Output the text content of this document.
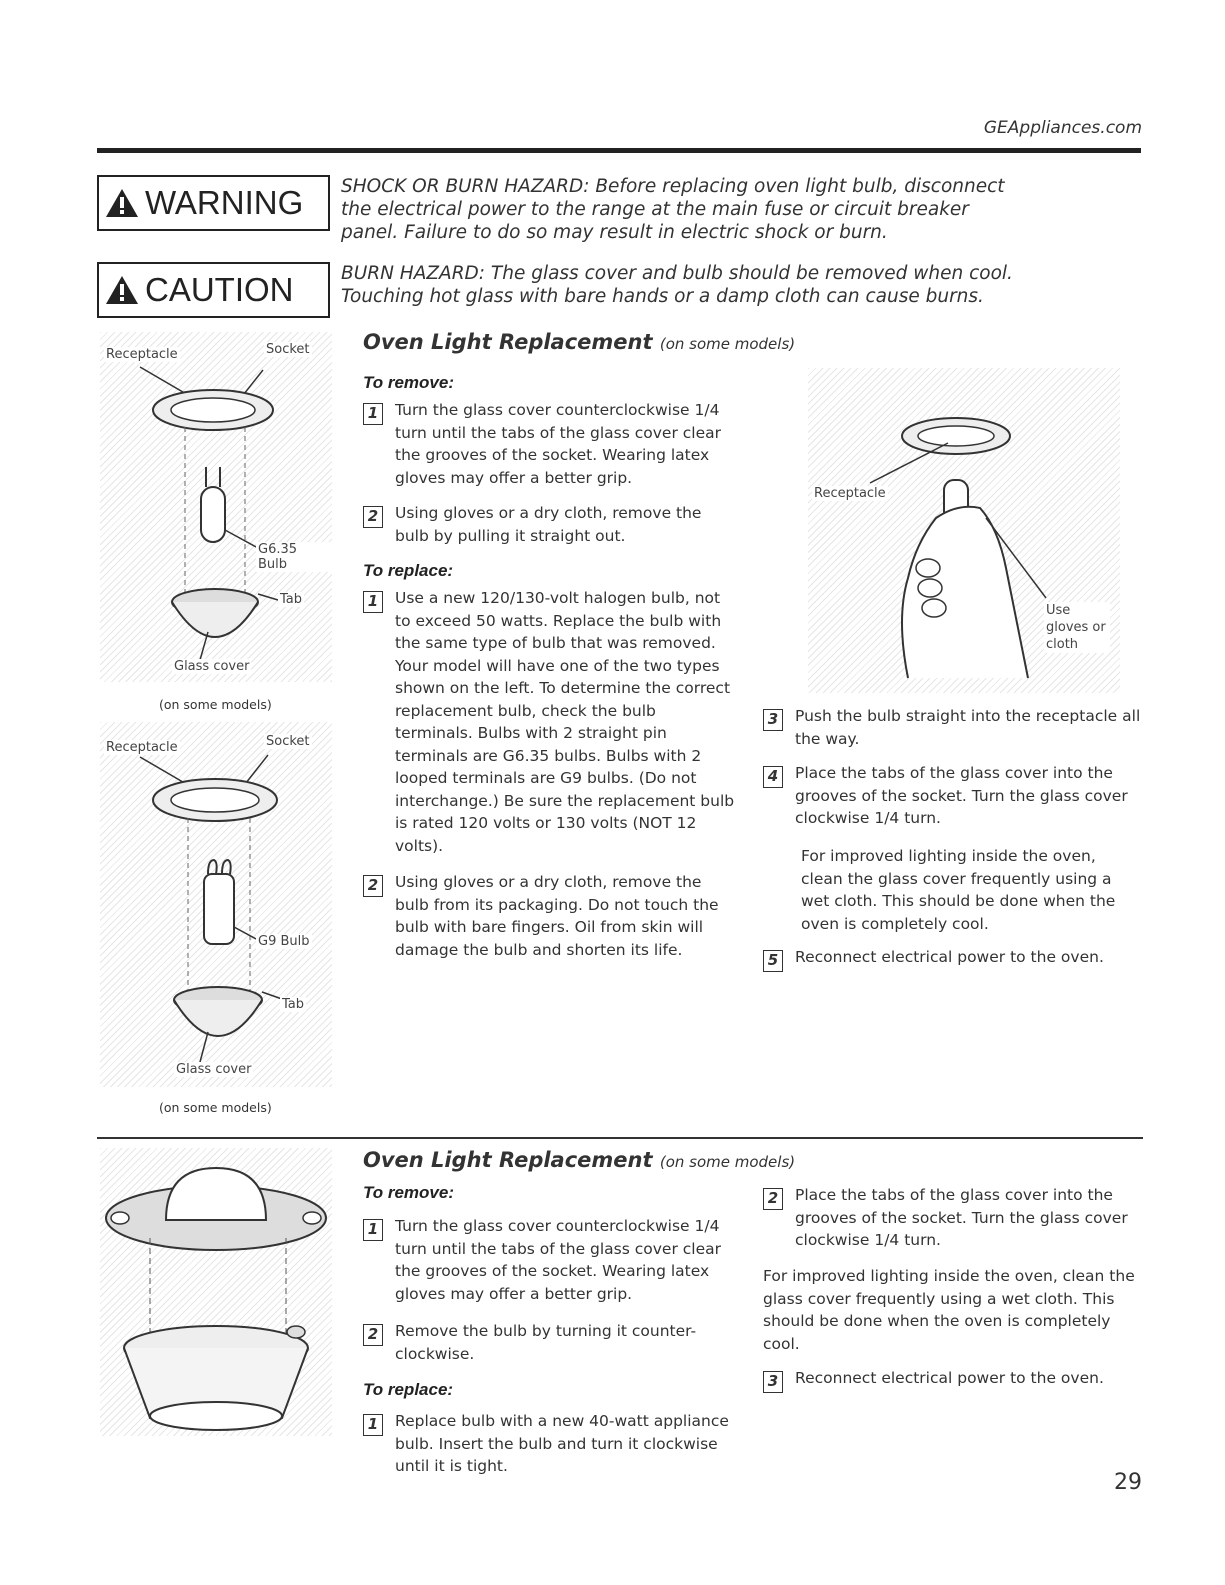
GEAppliances.com
WARNING SHOCK OR BURN HAZARD: Before replacing oven light bulb, disconnect the electrical power to the range at the main fuse or circuit breaker panel. Failure to do so may result in electric shock or burn.
CAUTION	BURN HAZARD: The glass cover and bulb should be removed when cool. Touching hot glass with bare hands or a damp cloth can cause burns.
Receptacle	Socket
G6.35 Bulb
Tab
Glass cover
(on some models)
Receptacle	Socket
G9 Bulb
Tab
Glass cover
(on some models)
Oven Light Replacement (on some models)
To remove:
1	Turn the glass cover counterclockwise 1/4 turn until the tabs of the glass cover clear the grooves of the socket. Wearing latex gloves may offer a better grip.
2	Using gloves or a dry cloth, remove the bulb by pulling it straight out.
To replace:
1	Use a new 120/130-volt halogen bulb, not to exceed 50 watts. Replace the bulb with the same type of bulb that was removed. Your model will have one of the two types shown on the left. To determine the correct replacement bulb, check the bulb terminals. Bulbs with 2 straight pin terminals are G6.35 bulbs. Bulbs with 2 looped terminals are G9 bulbs. (Do not interchange.) Be sure the replacement bulb is rated 120 volts or 130 volts (NOT 12 volts).
2	Using gloves or a dry cloth, remove the bulb from its packaging. Do not touch the bulb with bare fingers. Oil from skin will damage the bulb and shorten its life.
Receptacle
Use gloves or cloth
3	Push the bulb straight into the receptacle all the way.
4	Place the tabs of the glass cover into the grooves of the socket. Turn the glass cover clockwise 1/4 turn.
For improved lighting inside the oven, clean the glass cover frequently using a wet cloth. This should be done when the oven is completely cool.
5	Reconnect electrical power to the oven.
Oven Light Replacement (on some models)
To remove:
1	Turn the glass cover counterclockwise 1/4 turn until the tabs of the glass cover clear the grooves of the socket. Wearing latex gloves may offer a better grip.
2	Remove the bulb by turning it counter-clockwise.
To replace:
1	Replace bulb with a new 40-watt appliance bulb. Insert the bulb and turn it clockwise until it is tight.
2	Place the tabs of the glass cover into the grooves of the socket. Turn the glass cover clockwise 1/4 turn.
For improved lighting inside the oven, clean the glass cover frequently using a wet cloth. This should be done when the oven is completely cool.
3	Reconnect electrical power to the oven.
29
